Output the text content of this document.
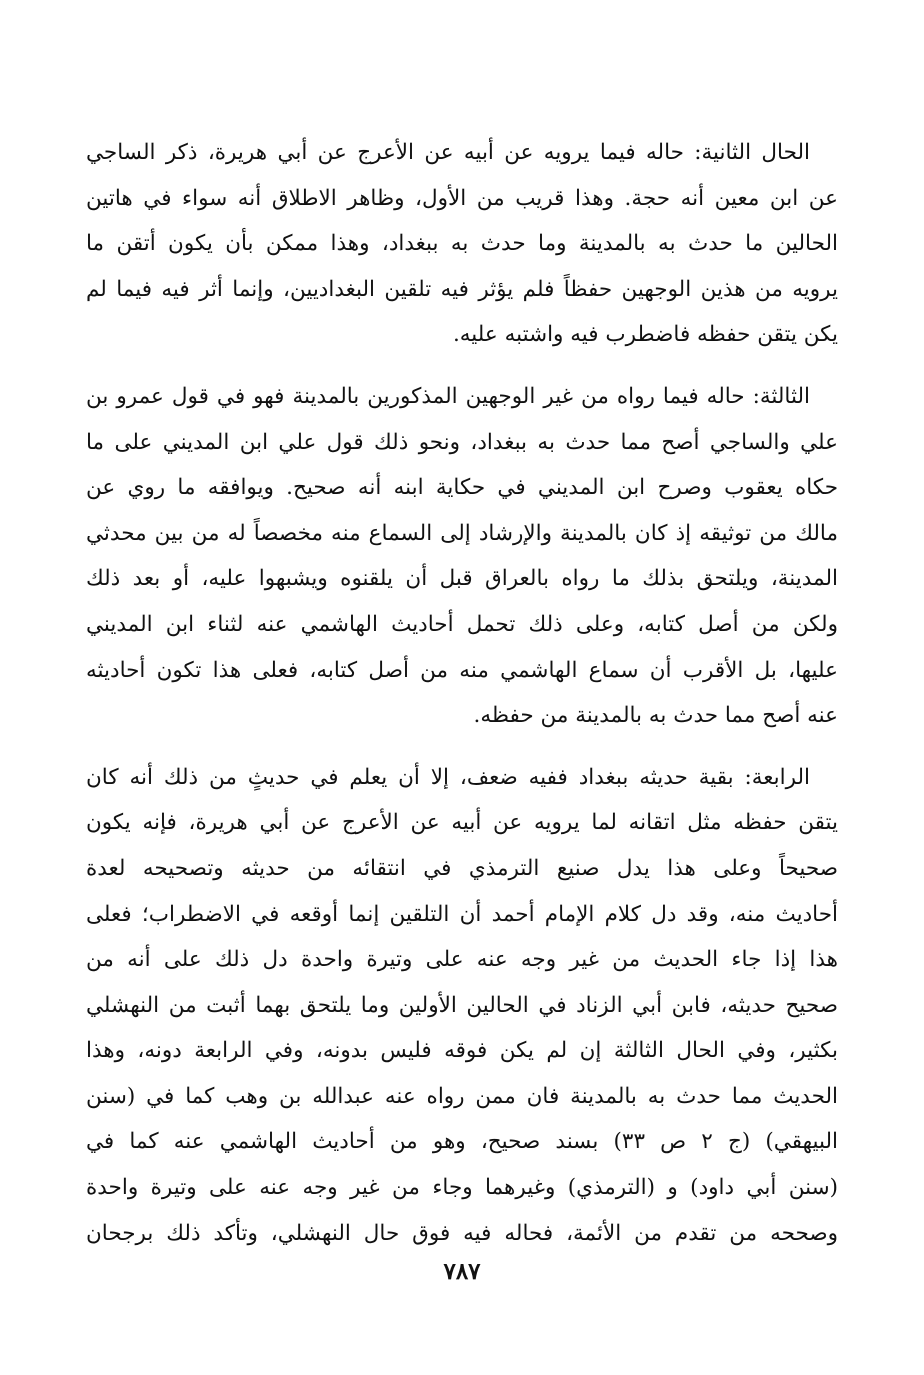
الحال الثانية: حاله فيما يرويه عن أبيه عن الأعرج عن أبي هريرة، ذكر الساجي
عن ابن معين أنه حجة. وهذا قريب من الأول، وظاهر الاطلاق أنه سواء في هاتين
الحالين ما حدث به بالمدينة وما حدث به ببغداد، وهذا ممكن بأن يكون أتقن ما
يرويه من هذين الوجهين حفظاً فلم يؤثر فيه تلقين البغداديين، وإنما أثر فيه فيما لم
يكن يتقن حفظه فاضطرب فيه واشتبه عليه.

الثالثة: حاله فيما رواه من غير الوجهين المذكورين بالمدينة فهو في قول عمرو بن
علي والساجي أصح مما حدث به ببغداد، ونحو ذلك قول علي ابن المديني على ما
حكاه يعقوب وصرح ابن المديني في حكاية ابنه أنه صحيح. ويوافقه ما روي عن
مالك من توثيقه إذ كان بالمدينة والإرشاد إلى السماع منه مخصصاً له من بين محدثي
المدينة، ويلتحق بذلك ما رواه بالعراق قبل أن يلقنوه ويشبهوا عليه، أو بعد ذلك
ولكن من أصل كتابه، وعلى ذلك تحمل أحاديث الهاشمي عنه لثناء ابن المديني
عليها، بل الأقرب أن سماع الهاشمي منه من أصل كتابه، فعلى هذا تكون أحاديثه
عنه أصح مما حدث به بالمدينة من حفظه.

الرابعة: بقية حديثه ببغداد ففيه ضعف، إلا أن يعلم في حديثٍ من ذلك أنه كان
يتقن حفظه مثل اتقانه لما يرويه عن أبيه عن الأعرج عن أبي هريرة، فإنه يكون
صحيحاً وعلى هذا يدل صنيع الترمذي في انتقائه من حديثه وتصحيحه لعدة
أحاديث منه، وقد دل كلام الإمام أحمد أن التلقين إنما أوقعه في الاضطراب؛ فعلى
هذا إذا جاء الحديث من غير وجه عنه على وتيرة واحدة دل ذلك على أنه من
صحيح حديثه، فابن أبي الزناد في الحالين الأولين وما يلتحق بهما أثبت من النهشلي
بكثير، وفي الحال الثالثة إن لم يكن فوقه فليس بدونه، وفي الرابعة دونه، وهذا
الحديث مما حدث به بالمدينة فان ممن رواه عنه عبدالله بن وهب كما في (سنن
البيهقي) (ج ٢ ص ٣٣) بسند صحيح، وهو من أحاديث الهاشمي عنه كما في
(سنن أبي داود) و (الترمذي) وغيرهما وجاء من غير وجه عنه على وتيرة واحدة
وصححه من تقدم من الأئمة، فحاله فيه فوق حال النهشلي، وتأكد ذلك برجحان

٧٨٧
